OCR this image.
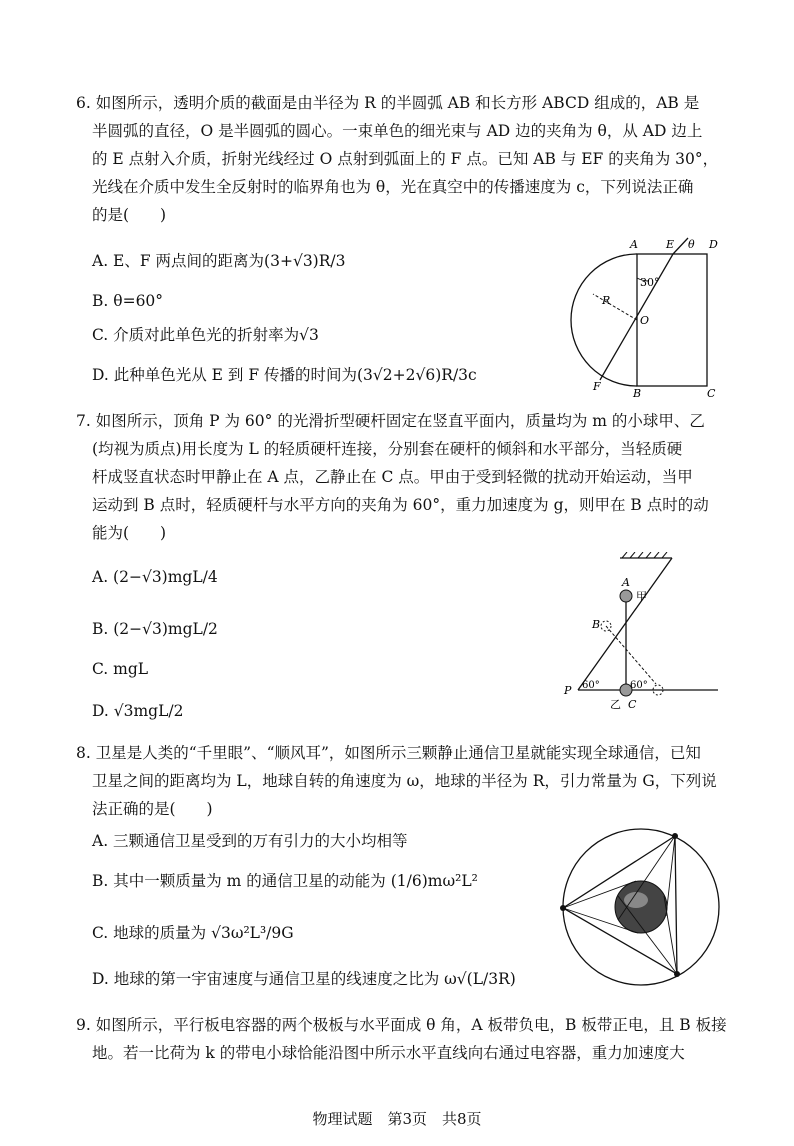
6. 如图所示，透明介质的截面是由半径为 R 的半圆弧 AB 和长方形 ABCD 组成的，AB 是
半圆弧的直径，O 是半圆弧的圆心。一束单色的细光束与 AD 边的夹角为 θ，从 AD 边上
的 E 点射入介质，折射光线经过 O 点射到弧面上的 F 点。已知 AB 与 EF 的夹角为 30°，
光线在介质中发生全反射时的临界角也为 θ，光在真空中的传播速度为 c，下列说法正确
的是(　　)
A. E、F 两点间的距离为(3+√3)R/3
B. θ=60°
C. 介质对此单色光的折射率为√3
D. 此种单色光从 E 到 F 传播的时间为(3√2+2√6)R/3c
A	E θ D
30°
R
O
F
B	C
7. 如图所示，顶角 P 为 60° 的光滑折型硬杆固定在竖直平面内，质量均为 m 的小球甲、乙
(均视为质点)用长度为 L 的轻质硬杆连接，分别套在硬杆的倾斜和水平部分，当轻质硬
杆成竖直状态时甲静止在 A 点，乙静止在 C 点。甲由于受到轻微的扰动开始运动，当甲
运动到 B 点时，轻质硬杆与水平方向的夹角为 60°，重力加速度为 g，则甲在 B 点时的动
能为(　　)
A. (2−√3)mgL/4
B. (2−√3)mgL/2
C. mgL
D. √3mgL/2
A
甲
B
P 60°	60°
乙 C
8. 卫星是人类的“千里眼”、“顺风耳”，如图所示三颗静止通信卫星就能实现全球通信，已知
卫星之间的距离均为 L，地球自转的角速度为 ω，地球的半径为 R，引力常量为 G，下列说
法正确的是(　　)
A. 三颗通信卫星受到的万有引力的大小均相等
B. 其中一颗质量为 m 的通信卫星的动能为 (1/6)mω²L²
C. 地球的质量为 √3ω²L³/9G
D. 地球的第一宇宙速度与通信卫星的线速度之比为 ω√(L/3R)
9. 如图所示，平行板电容器的两个极板与水平面成 θ 角，A 板带负电，B 板带正电，且 B 板接
地。若一比荷为 k 的带电小球恰能沿图中所示水平直线向右通过电容器，重力加速度大
物理试题　第3页　共8页
